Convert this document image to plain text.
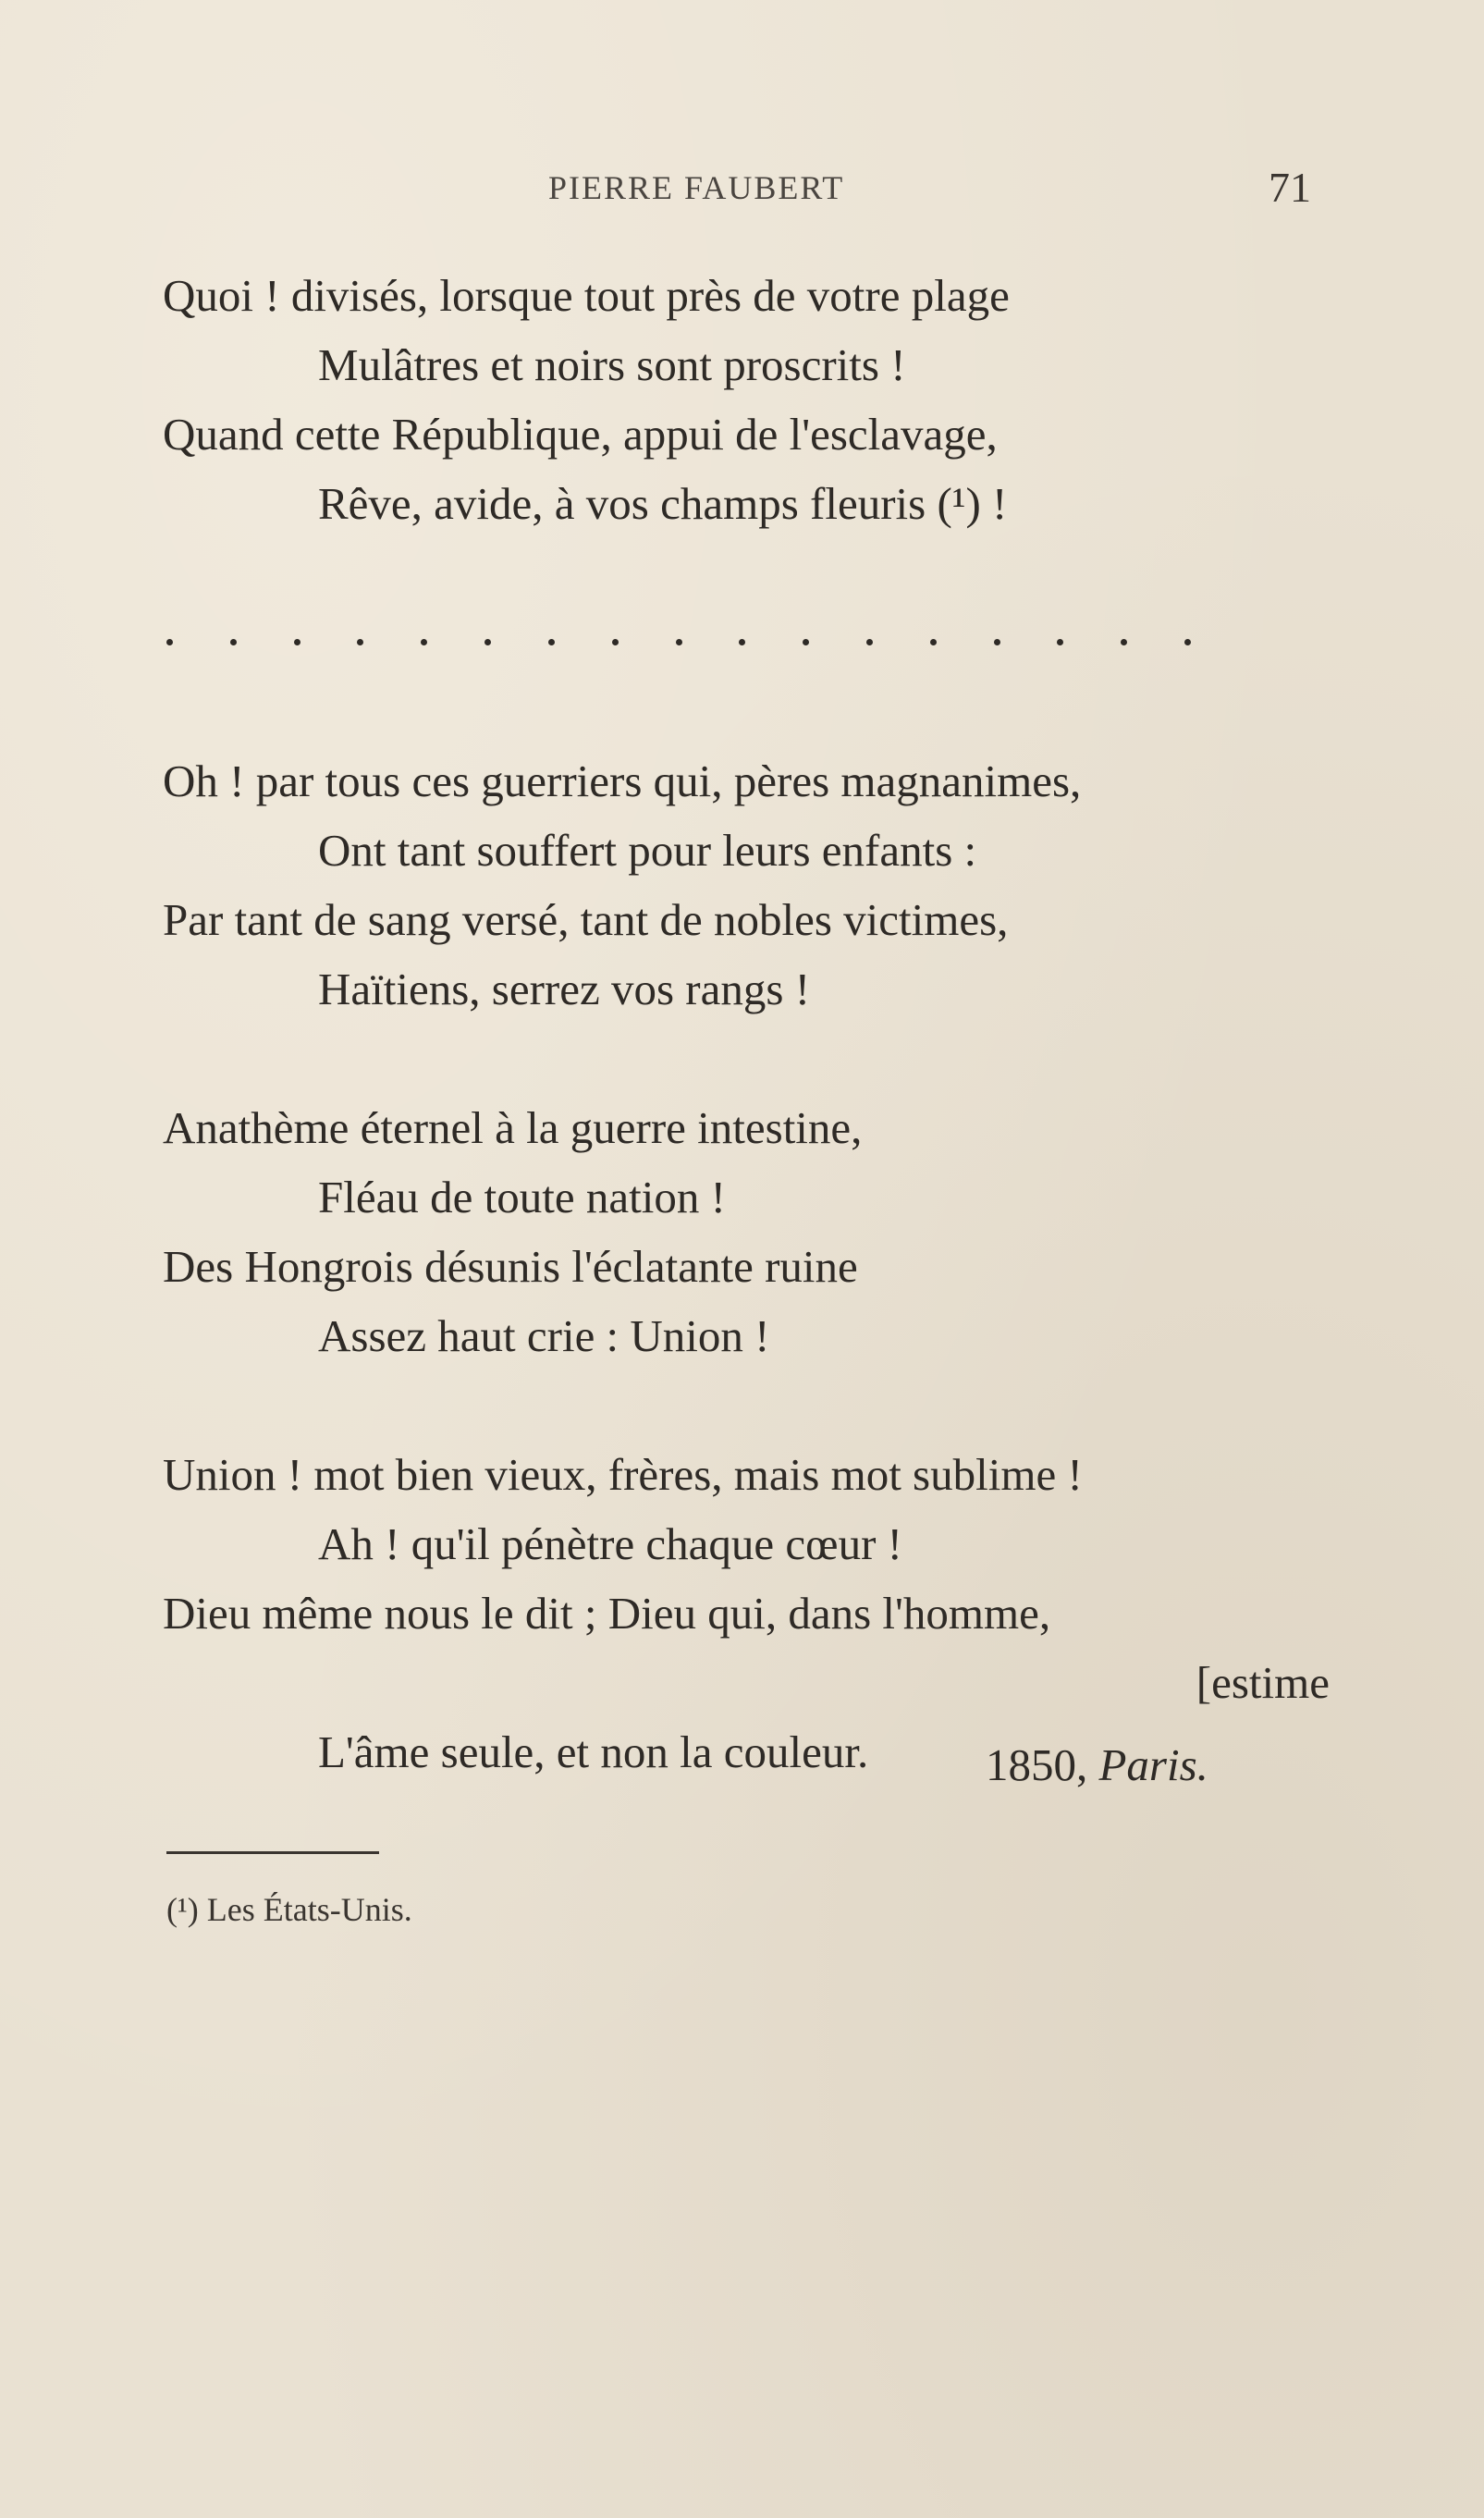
PIERRE FAUBERT	71
Quoi ! divisés, lorsque tout près de votre plage
Mulâtres et noirs sont proscrits !
Quand cette République, appui de l'esclavage,
Rêve, avide, à vos champs fleuris (¹) !
Oh ! par tous ces guerriers qui, pères magnanimes,
Ont tant souffert pour leurs enfants :
Par tant de sang versé, tant de nobles victimes,
Haïtiens, serrez vos rangs !
Anathème éternel à la guerre intestine,
Fléau de toute nation !
Des Hongrois désunis l'éclatante ruine
Assez haut crie : Union !
Union ! mot bien vieux, frères, mais mot sublime !
Ah ! qu'il pénètre chaque cœur !
Dieu même nous le dit ; Dieu qui, dans l'homme,
[estime
L'âme seule, et non la couleur.	1850, Paris.
(¹) Les États-Unis.
